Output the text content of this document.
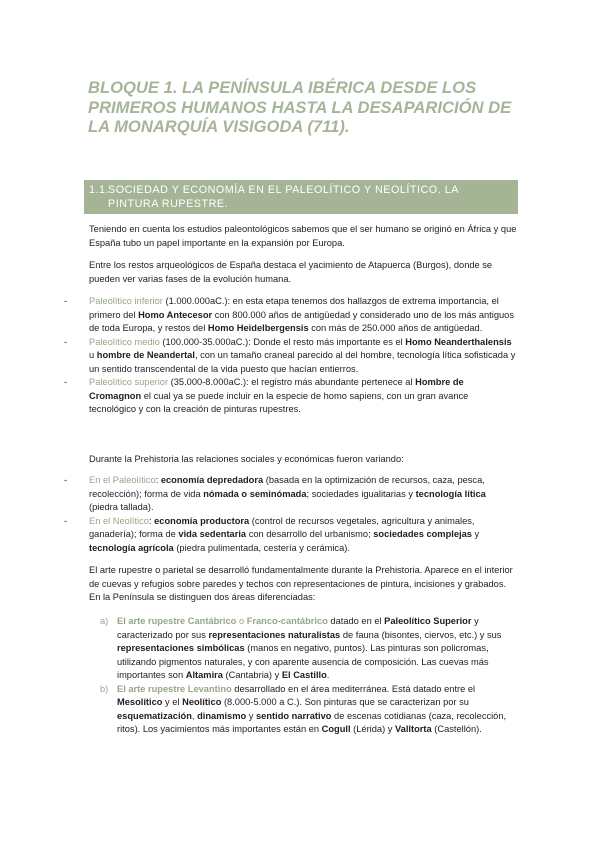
BLOQUE 1. LA PENÍNSULA IBÉRICA DESDE LOS PRIMEROS HUMANOS HASTA LA DESAPARICIÓN DE LA MONARQUÍA VISIGODA (711).
1.1.
SOCIEDAD Y ECONOMÍA EN EL PALEOLÍTICO Y NEOLÍTICO. LA PINTURA RUPESTRE.

Teniendo en cuenta los estudios paleontológicos sabemos que el ser humano se originó en África y que España tubo un papel importante en la expansión por Europa.

Entre los restos arqueológicos de España destaca el yacimiento de Atapuerca (Burgos), donde se pueden ver varias fases de la evolución humana.

- Paleolítico inferior (1.000.000aC.): en esta etapa tenemos dos hallazgos de extrema importancia, el primero del Homo Antecesor con 800.000 años de antigüedad y considerado uno de los más antiguos de toda Europa, y restos del Homo Heidelbergensis con más de 250.000 años de antigüedad.
- Paleolítico medio (100.000-35.000aC.): Donde el resto más importante es el Homo Neanderthalensis u hombre de Neandertal, con un tamaño craneal parecido al del hombre, tecnología lítica sofisticada y un sentido transcendental de la vida puesto que hacían entierros.
- Paleolítico superior (35.000-8.000aC.): el registro más abundante pertenece al Hombre de Cromagnon el cual ya se puede incluir en la especie de homo sapiens, con un gran avance tecnológico y con la creación de pinturas rupestres.

Durante la Prehistoria las relaciones sociales y económicas fueron variando:

- En el Paleolítico: economía depredadora (basada en la optimización de recursos, caza, pesca, recolección); forma de vida nómada o seminómada; sociedades igualitarias y tecnología lítica (piedra tallada).
- En el Neolítico: economía productora (control de recursos vegetales, agricultura y animales, ganadería); forma de vida sedentaria con desarrollo del urbanismo; sociedades complejas y tecnología agrícola (piedra pulimentada, cestería y cerámica).

El arte rupestre o parietal se desarrolló fundamentalmente durante la Prehistoria. Aparece en el interior de cuevas y refugios sobre paredes y techos con representaciones de pintura, incisiones y grabados. En la Península se distinguen dos áreas diferenciadas:

a) El arte rupestre Cantábrico o Franco-cantábrico datado en el Paleolítico Superior y caracterizado por sus representaciones naturalistas de fauna (bisontes, ciervos, etc.) y sus representaciones simbólicas (manos en negativo, puntos). Las pinturas son policromas, utilizando pigmentos naturales, y con aparente ausencia de composición. Las cuevas más importantes son Altamira (Cantabria) y El Castillo.
b) El arte rupestre Levantino desarrollado en el área mediterránea. Está datado entre el Mesolítico y el Neolítico (8.000-5.000 a C.). Son pinturas que se caracterizan por su esquematización, dinamismo y sentido narrativo de escenas cotidianas (caza, recolección, ritos). Los yacimientos más importantes están en Cogull (Lérida) y Valltorta (Castellón).
